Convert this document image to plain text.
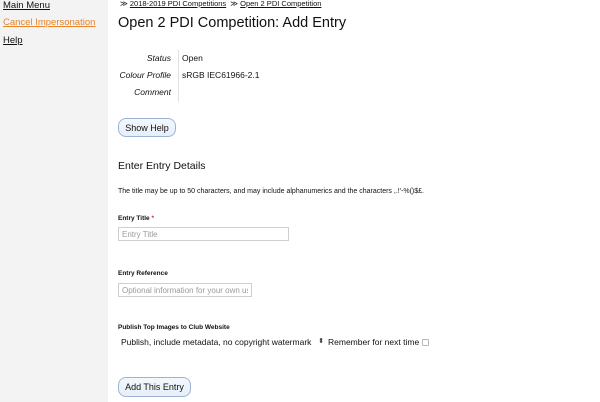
Main Menu
Cancel Impersonation
Help
≫ 2018-2019 PDI Competitions ≫ Open 2 PDI Competition
Open 2 PDI Competition: Add Entry
Status Open
Colour Profile sRGB IEC61966-2.1
Comment
Show Help
Enter Entry Details
The title may be up to 50 characters, and may include alphanumerics and the characters ,.!'-%()$£.
Entry Title *
Entry Title
Entry Reference
Optional information for your own use
Publish Top Images to Club Website
Publish, include metadata, no copyright watermark ⬍ Remember for next time
Add This Entry
